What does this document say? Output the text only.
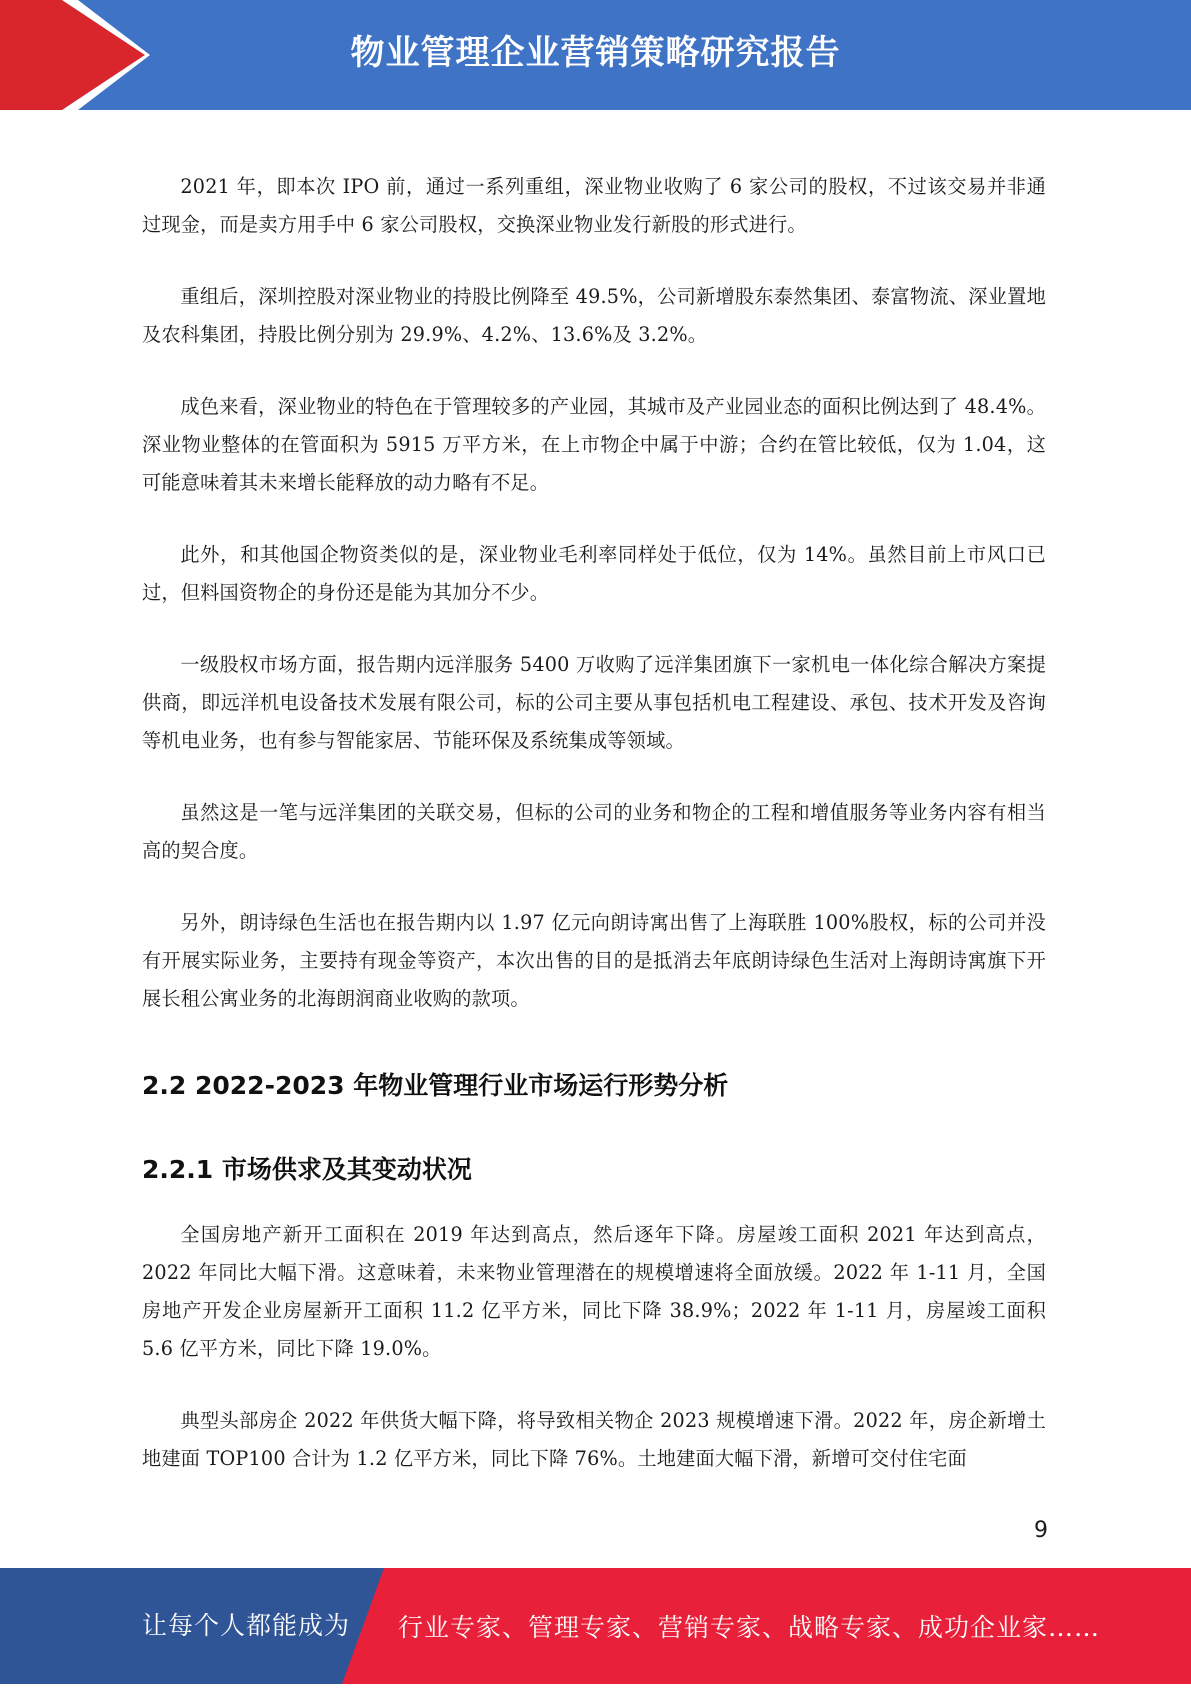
物业管理企业营销策略研究报告

2021 年，即本次 IPO 前，通过一系列重组，深业物业收购了 6 家公司的股权，不过该交易并非通过现金，而是卖方用手中 6 家公司股权，交换深业物业发行新股的形式进行。

重组后，深圳控股对深业物业的持股比例降至 49.5%，公司新增股东泰然集团、泰富物流、深业置地及农科集团，持股比例分别为 29.9%、4.2%、13.6%及 3.2%。

成色来看，深业物业的特色在于管理较多的产业园，其城市及产业园业态的面积比例达到了 48.4%。深业物业整体的在管面积为 5915 万平方米，在上市物企中属于中游；合约在管比较低，仅为 1.04，这可能意味着其未来增长能释放的动力略有不足。

此外，和其他国企物资类似的是，深业物业毛利率同样处于低位，仅为 14%。虽然目前上市风口已过，但料国资物企的身份还是能为其加分不少。

一级股权市场方面，报告期内远洋服务 5400 万收购了远洋集团旗下一家机电一体化综合解决方案提供商，即远洋机电设备技术发展有限公司，标的公司主要从事包括机电工程建设、承包、技术开发及咨询等机电业务，也有参与智能家居、节能环保及系统集成等领域。

虽然这是一笔与远洋集团的关联交易，但标的公司的业务和物企的工程和增值服务等业务内容有相当高的契合度。

另外，朗诗绿色生活也在报告期内以 1.97 亿元向朗诗寓出售了上海联胜 100%股权，标的公司并没有开展实际业务，主要持有现金等资产，本次出售的目的是抵消去年底朗诗绿色生活对上海朗诗寓旗下开展长租公寓业务的北海朗润商业收购的款项。

2.2 2022-2023 年物业管理行业市场运行形势分析
2.2.1 市场供求及其变动状况

全国房地产新开工面积在 2019 年达到高点，然后逐年下降。房屋竣工面积 2021 年达到高点，2022 年同比大幅下滑。这意味着，未来物业管理潜在的规模增速将全面放缓。2022 年 1-11 月，全国房地产开发企业房屋新开工面积 11.2 亿平方米，同比下降 38.9%；2022 年 1-11 月，房屋竣工面积 5.6 亿平方米，同比下降 19.0%。

典型头部房企 2022 年供货大幅下降，将导致相关物企 2023 规模增速下滑。2022 年，房企新增土地建面 TOP100 合计为 1.2 亿平方米，同比下降 76%。土地建面大幅下滑，新增可交付住宅面

9
让每个人都能成为 行业专家、管理专家、营销专家、战略专家、成功企业家……
